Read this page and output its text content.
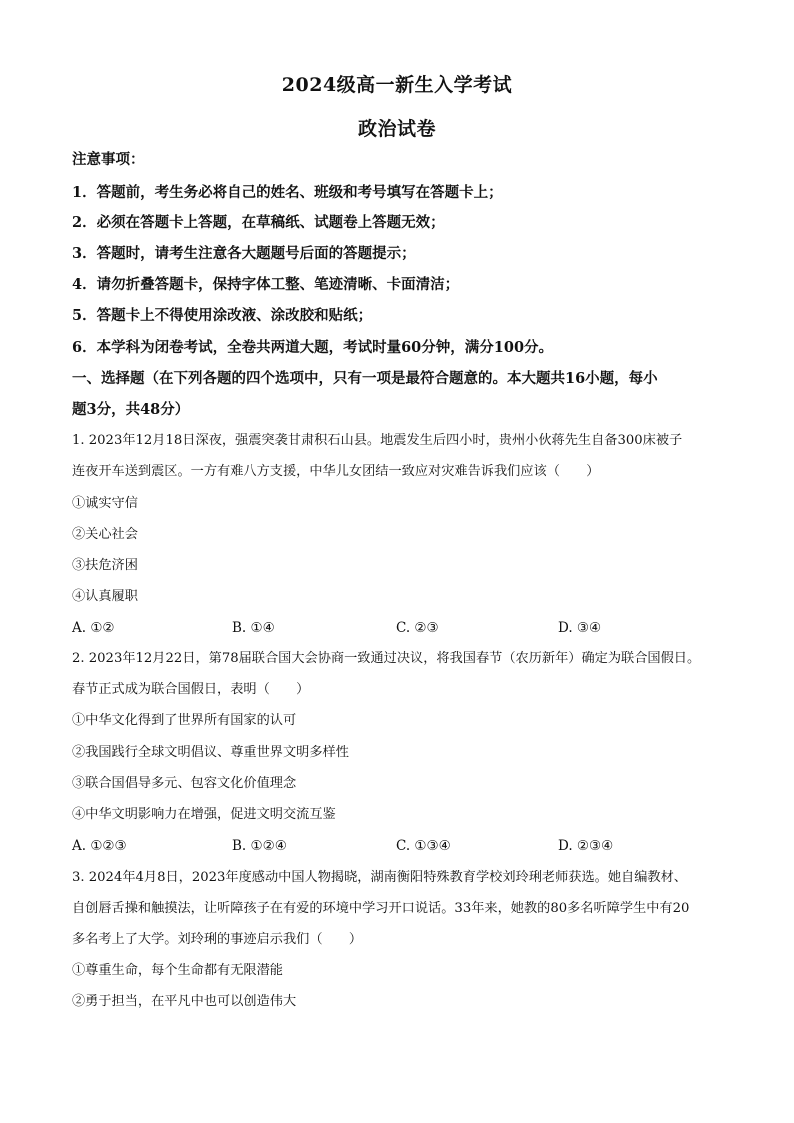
2024级高一新生入学考试
政治试卷
注意事项：
1．答题前，考生务必将自己的姓名、班级和考号填写在答题卡上；
2．必须在答题卡上答题，在草稿纸、试题卷上答题无效；
3．答题时，请考生注意各大题题号后面的答题提示；
4．请勿折叠答题卡，保持字体工整、笔迹清晰、卡面清洁；
5．答题卡上不得使用涂改液、涂改胶和贴纸；
6．本学科为闭卷考试，全卷共两道大题，考试时量60分钟，满分100分。
一、选择题（在下列各题的四个选项中，只有一项是最符合题意的。本大题共16小题，每小
题3分，共48分）
1. 2023年12月18日深夜，强震突袭甘肃积石山县。地震发生后四小时，贵州小伙蒋先生自备300床被子
连夜开车送到震区。一方有难八方支援，中华儿女团结一致应对灾难告诉我们应该（　　）
①诚实守信
②关心社会
③扶危济困
④认真履职
A. ①②	B. ①④	C. ②③	D. ③④
2. 2023年12月22日，第78届联合国大会协商一致通过决议，将我国春节（农历新年）确定为联合国假日。
春节正式成为联合国假日，表明（　　）
①中华文化得到了世界所有国家的认可
②我国践行全球文明倡议、尊重世界文明多样性
③联合国倡导多元、包容文化价值理念
④中华文明影响力在增强，促进文明交流互鉴
A. ①②③	B. ①②④	C. ①③④	D. ②③④
3. 2024年4月8日，2023年度感动中国人物揭晓，湖南衡阳特殊教育学校刘玲琍老师获选。她自编教材、
自创唇舌操和触摸法，让听障孩子在有爱的环境中学习开口说话。33年来，她教的80多名听障学生中有20
多名考上了大学。刘玲琍的事迹启示我们（　　）
①尊重生命，每个生命都有无限潜能
②勇于担当，在平凡中也可以创造伟大
